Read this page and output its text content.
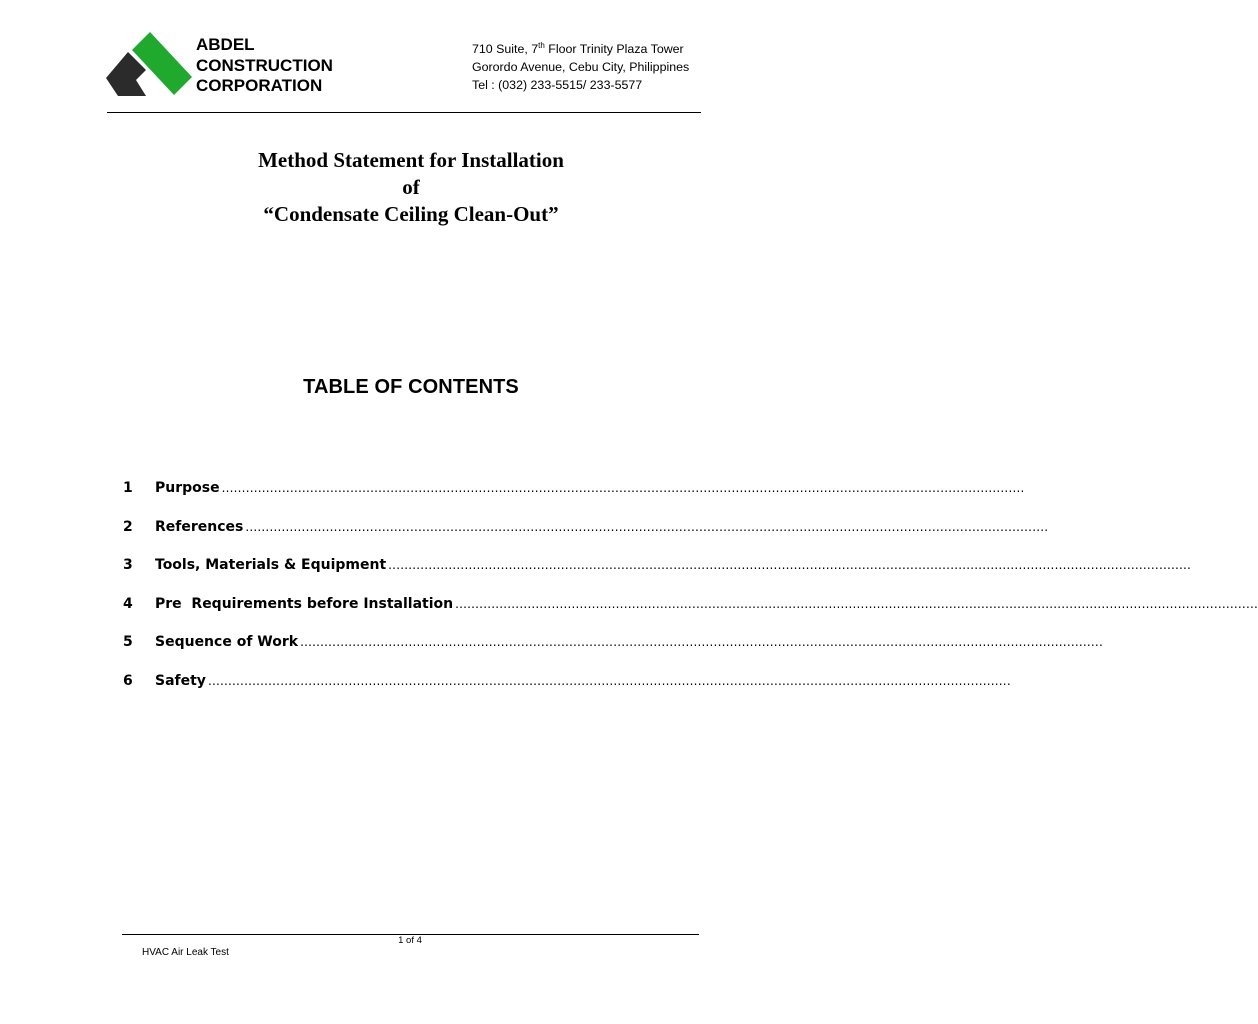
ABDEL
CONSTRUCTION
CORPORATION
710 Suite, 7th Floor Trinity Plaza Tower
Gorordo Avenue, Cebu City, Philippines
Tel : (032) 233-5515/ 233-5577
Method Statement for Installation
of
“Condensate Ceiling Clean-Out”
TABLE OF CONTENTS
1	Purpose ........................................................................................................................................................................................................
2	References ........................................................................................................................................................................................................
3	Tools, Materials & Equipment ........................................................................................................................................................................................................
4	Pre  Requirements before Installation ........................................................................................................................................................................................................
5	Sequence of Work ........................................................................................................................................................................................................
6	Safety ........................................................................................................................................................................................................
1 of 4
HVAC Air Leak Test
